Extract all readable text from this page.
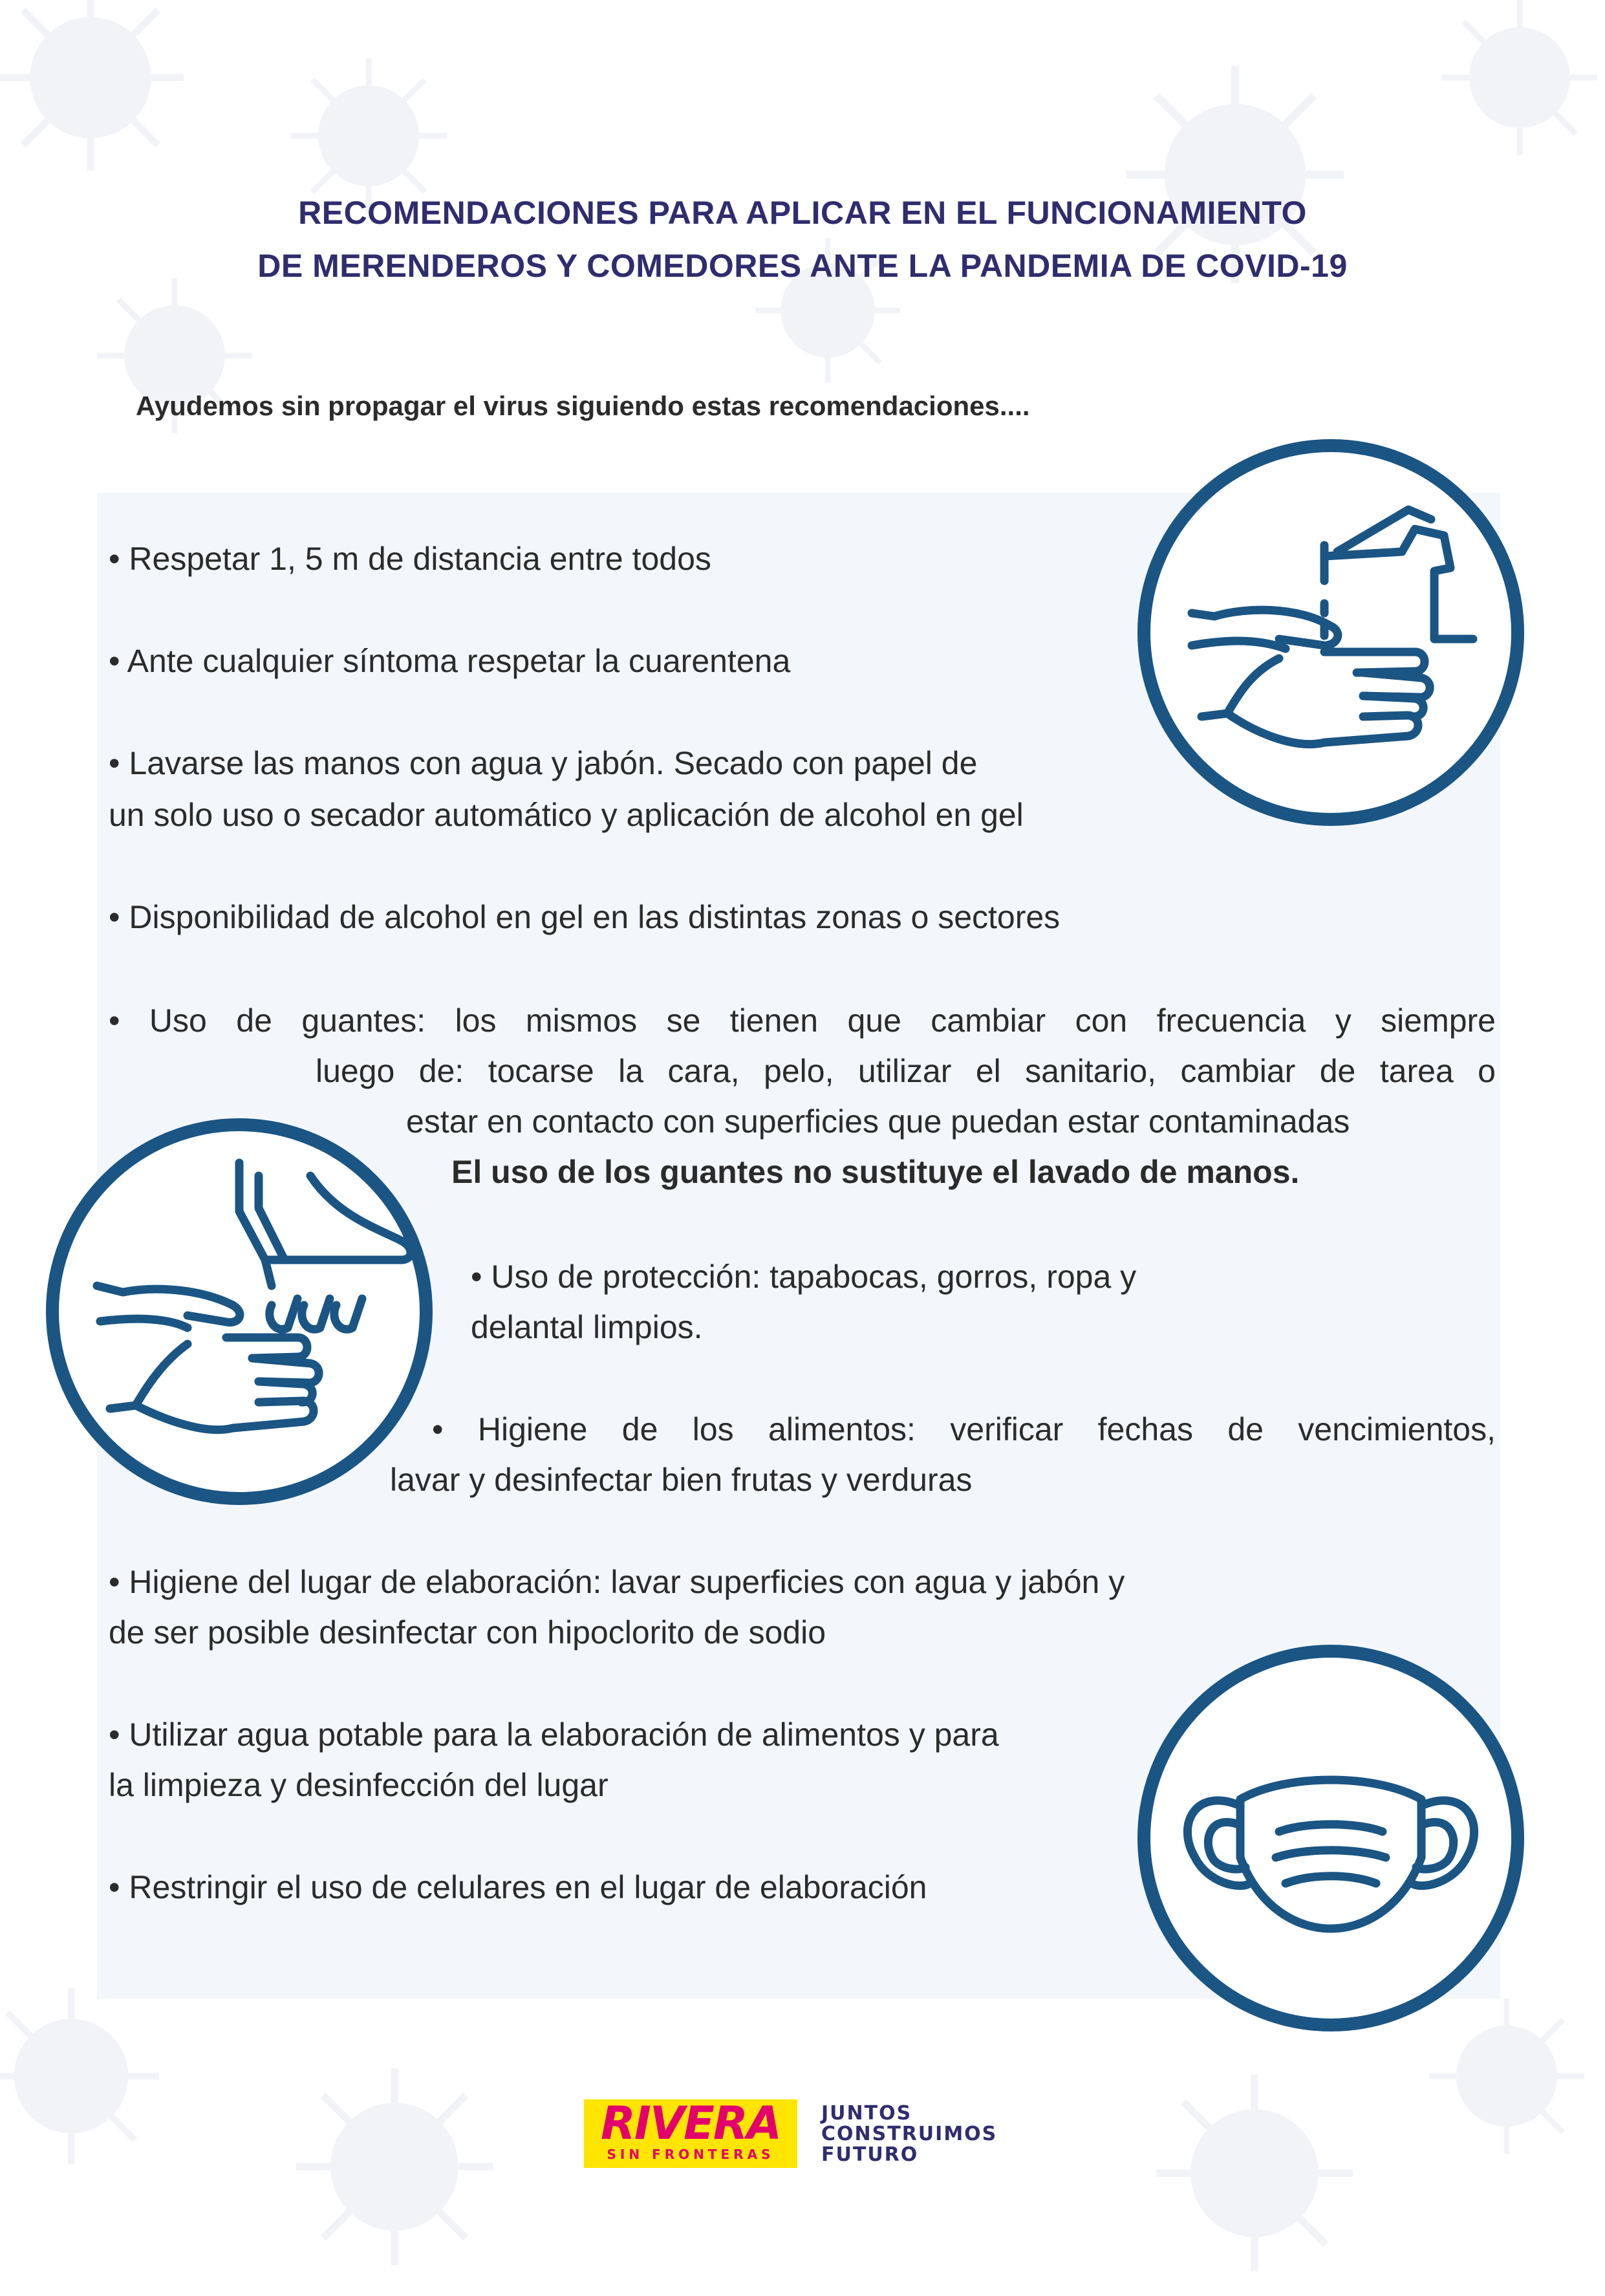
RECOMENDACIONES PARA APLICAR EN EL FUNCIONAMIENTO
DE MERENDEROS Y COMEDORES ANTE LA PANDEMIA DE COVID-19
Ayudemos sin propagar el virus siguiendo estas recomendaciones....
• Respetar 1, 5 m de distancia entre todos
• Ante cualquier síntoma respetar la cuarentena
• Lavarse las manos con agua y jabón. Secado con papel de
un solo uso o secador automático y aplicación de alcohol en gel
• Disponibilidad de alcohol en gel en las distintas zonas o sectores
• Uso de guantes: los mismos se tienen que cambiar con frecuencia y siempre
luego de: tocarse la cara, pelo, utilizar el sanitario, cambiar de tarea o
estar en contacto con superficies que puedan estar contaminadas
El uso de los guantes no sustituye el lavado de manos.
• Uso de protección: tapabocas, gorros, ropa y
delantal limpios.
• Higiene de los alimentos: verificar fechas de vencimientos,
lavar y desinfectar bien frutas y verduras
• Higiene del lugar de elaboración: lavar superficies con agua y jabón y
de ser posible desinfectar con hipoclorito de sodio
• Utilizar agua potable para la elaboración de alimentos y para
la limpieza y desinfección del lugar
• Restringir el uso de celulares en el lugar de elaboración
RIVERA
SIN FRONTERAS
JUNTOS
CONSTRUIMOS
FUTURO
